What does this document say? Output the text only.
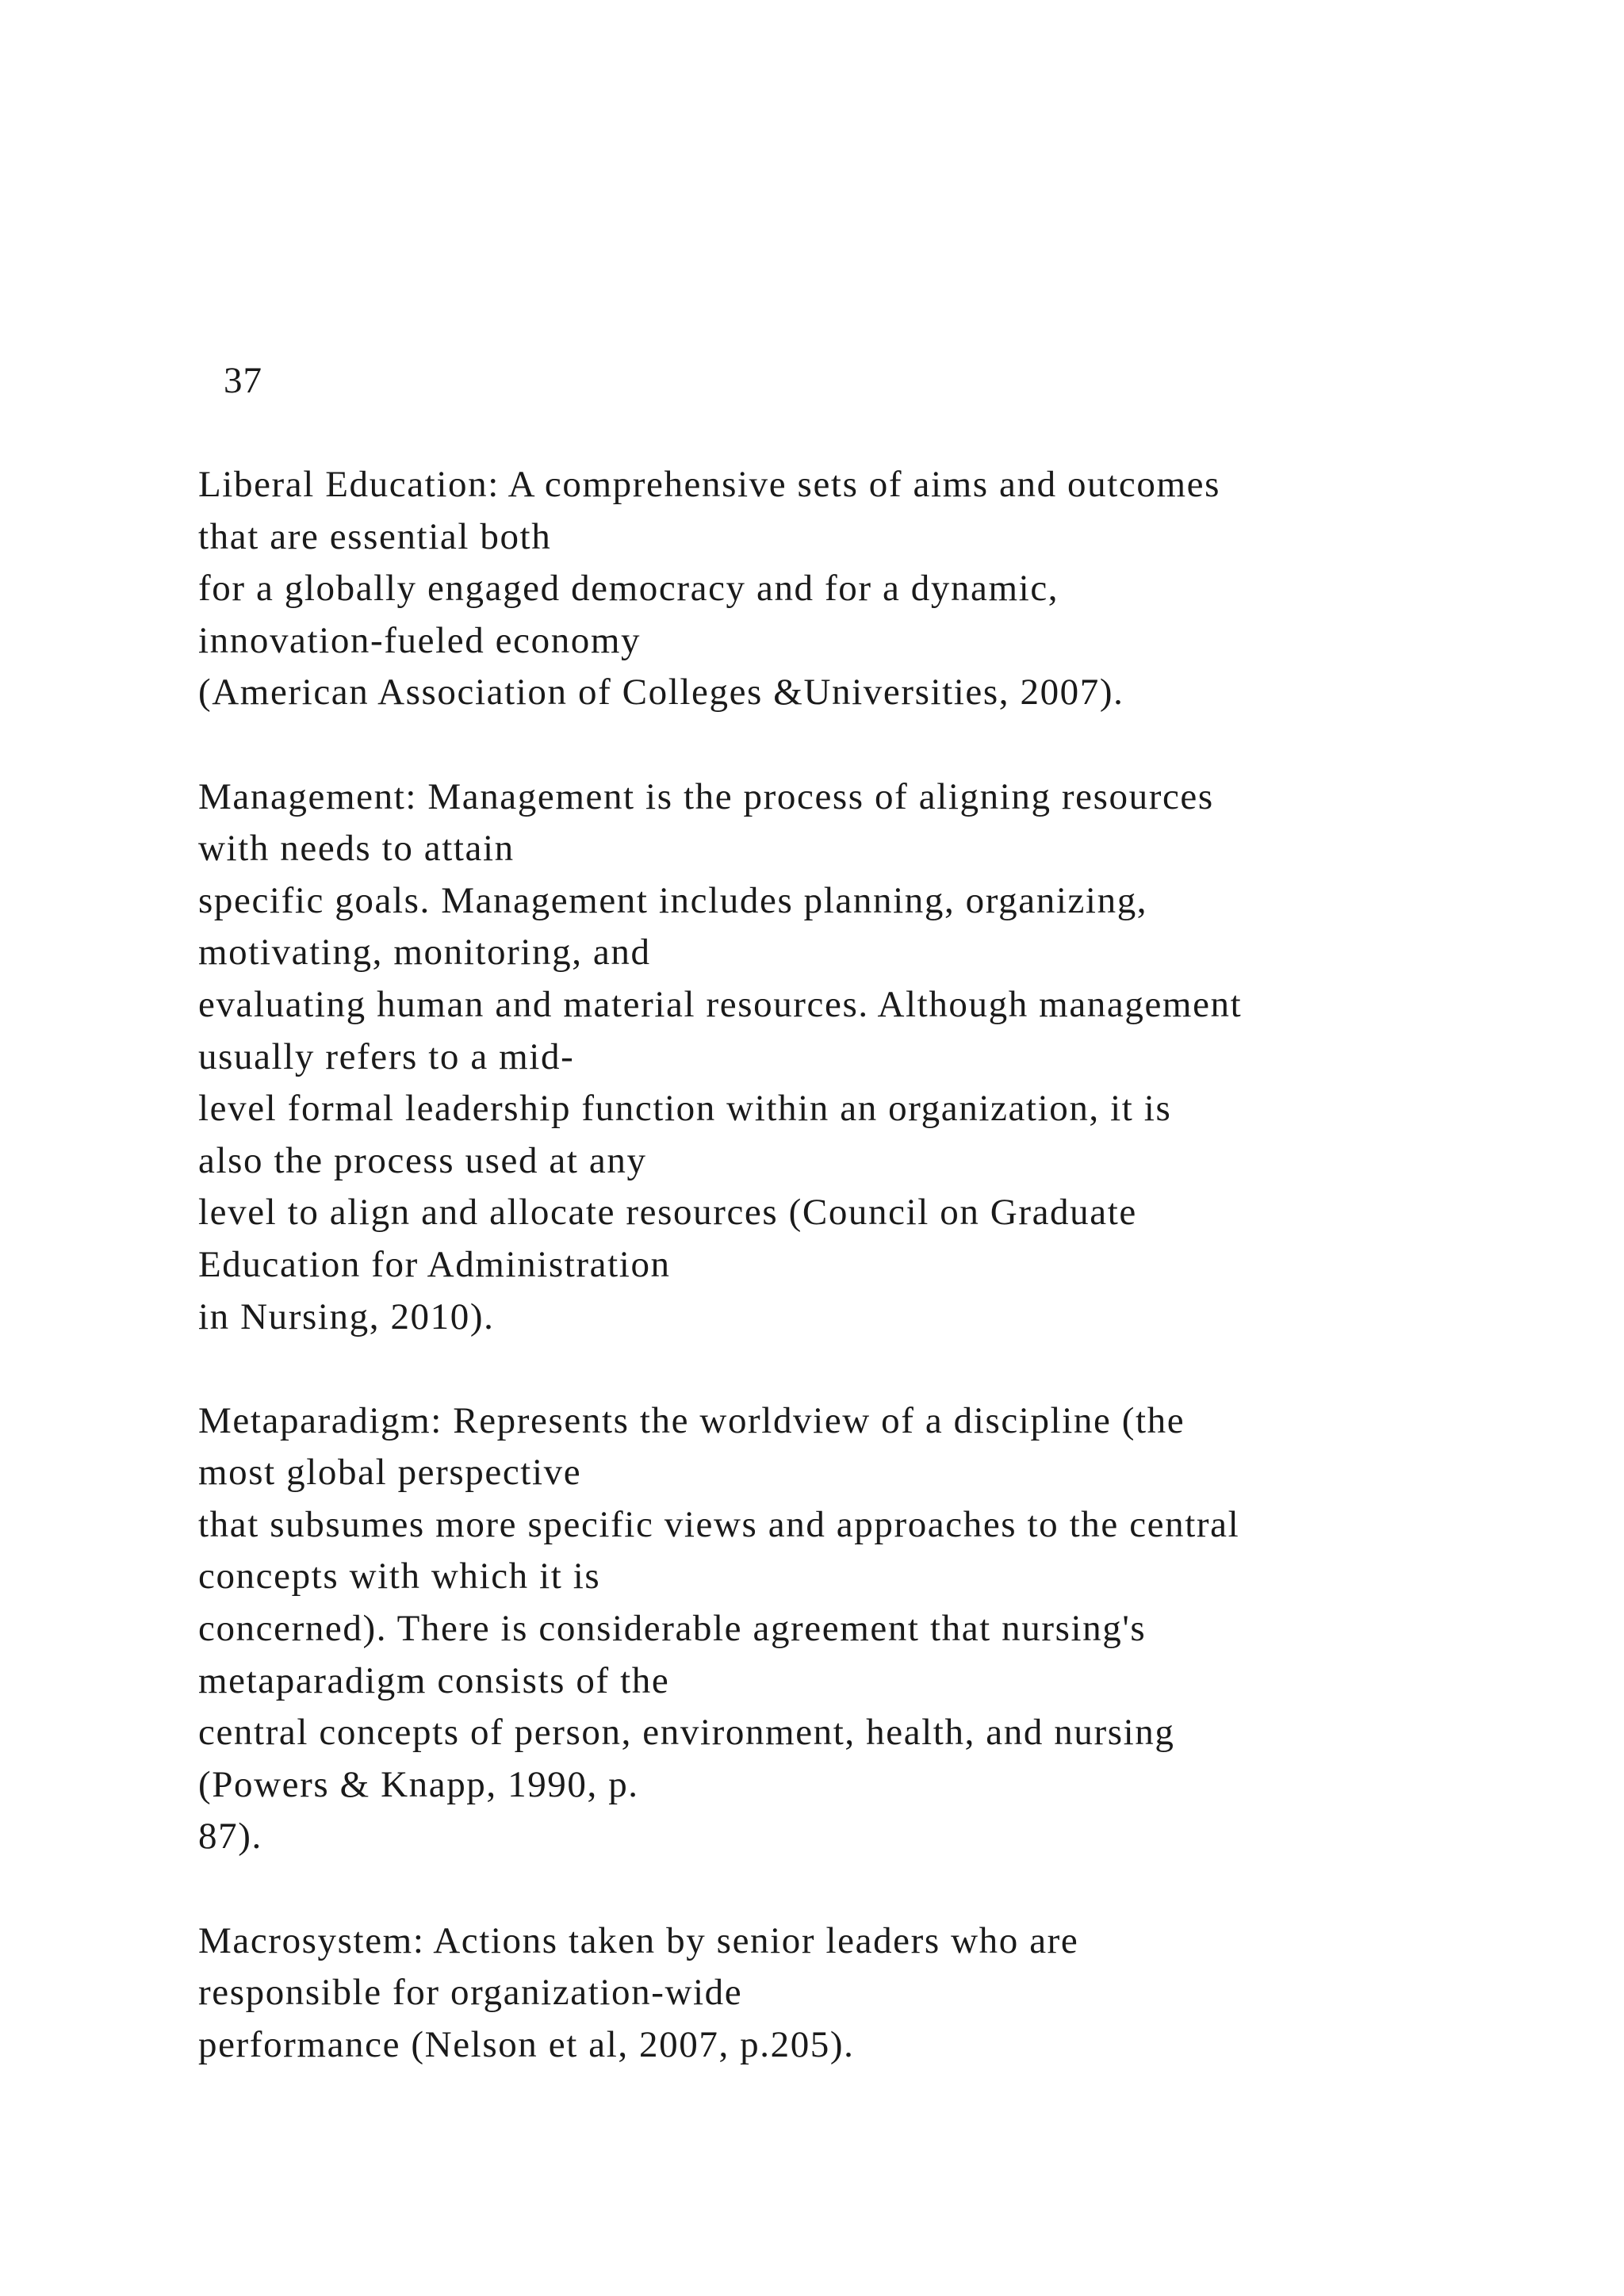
37
Liberal Education: A comprehensive sets of aims and outcomes
that are essential both
for a globally engaged democracy and for a dynamic,
innovation-fueled economy
(American Association of Colleges &Universities, 2007).
Management: Management is the process of aligning resources
with needs to attain
specific goals. Management includes planning, organizing,
motivating, monitoring, and
evaluating human and material resources. Although management
usually refers to a mid-
level formal leadership function within an organization, it is
also the process used at any
level to align and allocate resources (Council on Graduate
Education for Administration
in Nursing, 2010).
Metaparadigm: Represents the worldview of a discipline (the
most global perspective
that subsumes more specific views and approaches to the central
concepts with which it is
concerned). There is considerable agreement that nursing's
metaparadigm consists of the
central concepts of person, environment, health, and nursing
(Powers & Knapp, 1990, p.
87).
Macrosystem: Actions taken by senior leaders who are
responsible for organization-wide
performance (Nelson et al, 2007, p.205).
